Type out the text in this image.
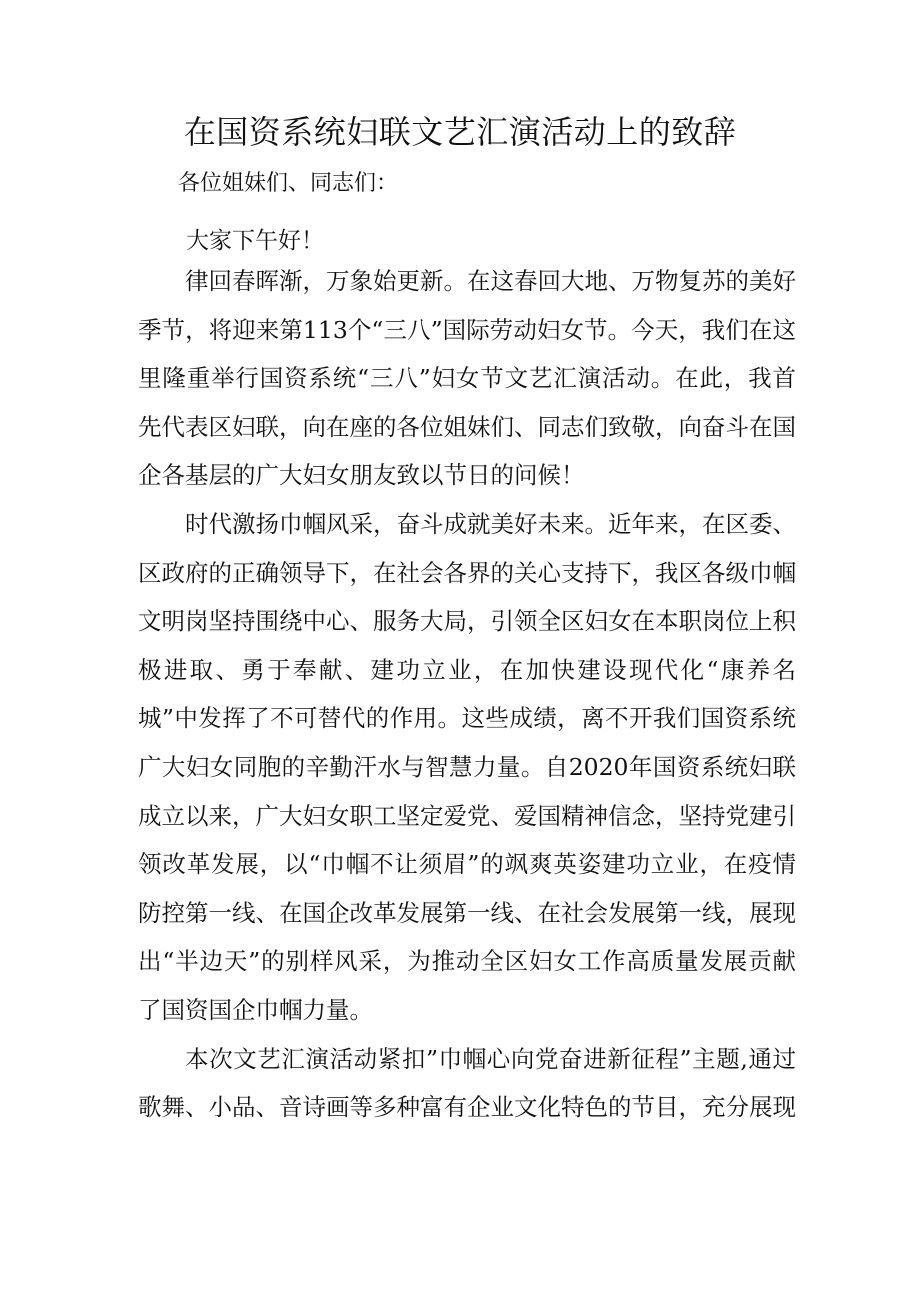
在国资系统妇联文艺汇演活动上的致辞

各位姐妹们、同志们：

大家下午好！

律回春晖渐，万象始更新。在这春回大地、万物复苏的美好季节，将迎来第113个“三八”国际劳动妇女节。今天，我们在这里隆重举行国资系统“三八”妇女节文艺汇演活动。在此，我首先代表区妇联，向在座的各位姐妹们、同志们致敬，向奋斗在国企各基层的广大妇女朋友致以节日的问候！

时代激扬巾帼风采，奋斗成就美好未来。近年来，在区委、区政府的正确领导下，在社会各界的关心支持下，我区各级巾帼文明岗坚持围绕中心、服务大局，引领全区妇女在本职岗位上积极进取、勇于奉献、建功立业，在加快建设现代化“康养名城”中发挥了不可替代的作用。这些成绩，离不开我们国资系统广大妇女同胞的辛勤汗水与智慧力量。自2020年国资系统妇联成立以来，广大妇女职工坚定爱党、爱国精神信念，坚持党建引领改革发展，以“巾帼不让须眉”的飒爽英姿建功立业，在疫情防控第一线、在国企改革发展第一线、在社会发展第一线，展现出“半边天”的别样风采，为推动全区妇女工作高质量发展贡献了国资国企巾帼力量。

本次文艺汇演活动紧扣”巾帼心向党奋进新征程”主题,通过歌舞、小品、音诗画等多种富有企业文化特色的节目，充分展现
